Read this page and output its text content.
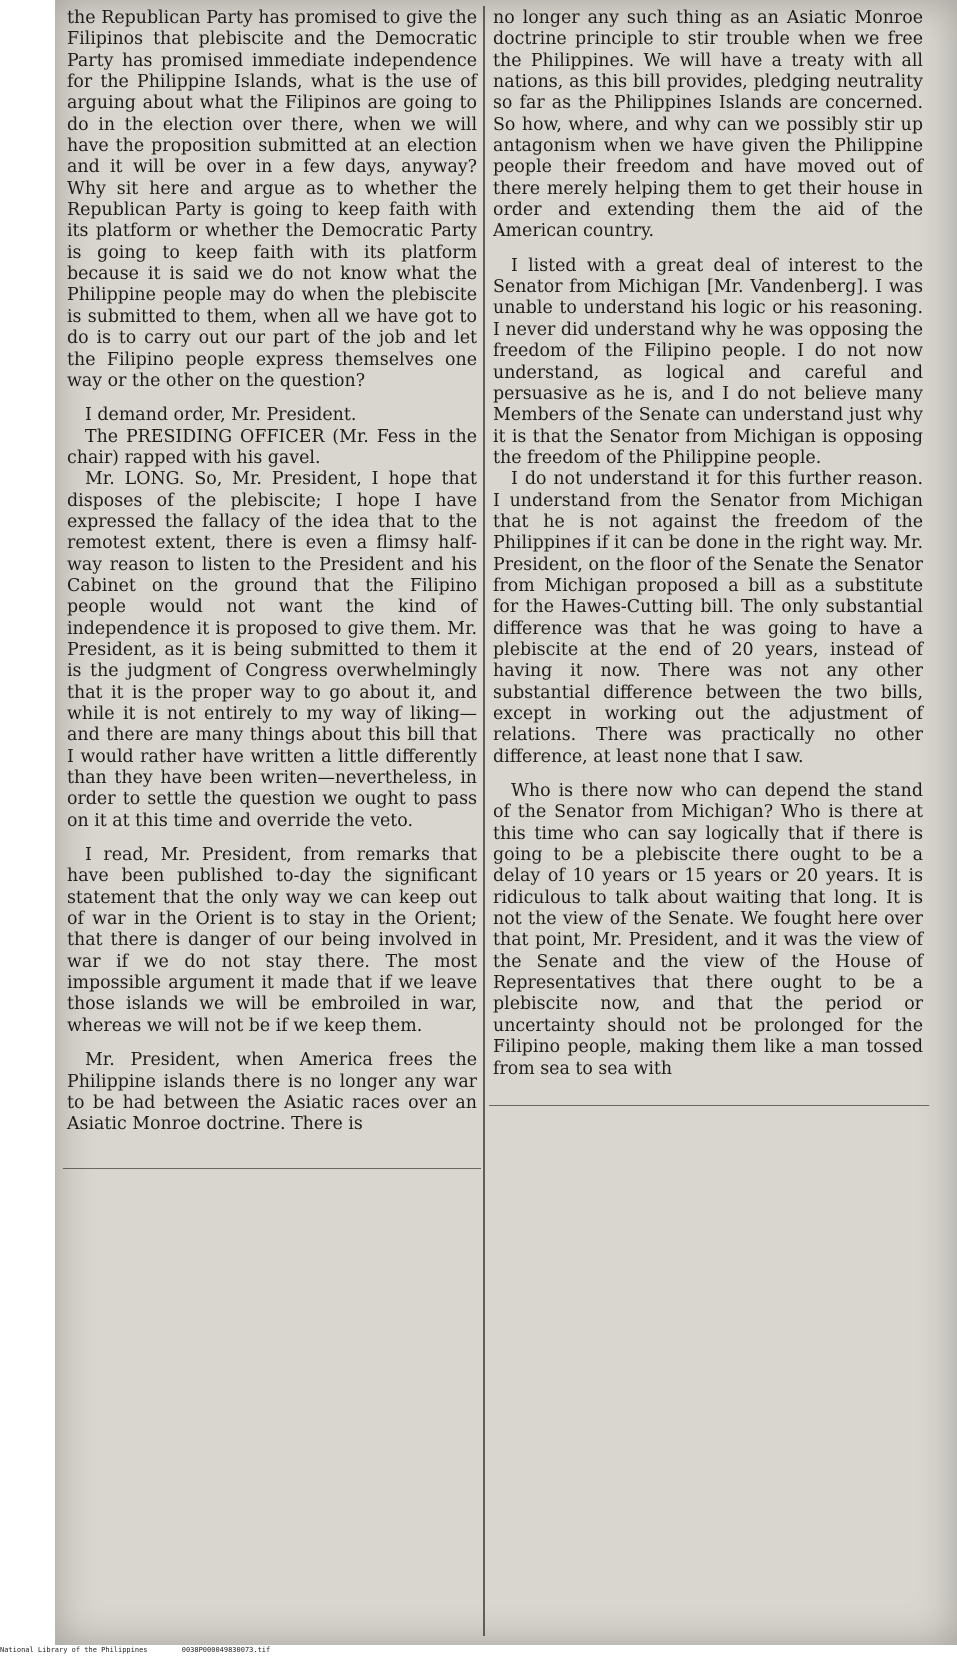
the Republican Party has promised to give the Filipinos that plebiscite and the Democratic Party has promised immediate independence for the Philippine Islands, what is the use of arguing about what the Filipinos are going to do in the election over there, when we will have the proposition submitted at an election and it will be over in a few days, anyway? Why sit here and argue as to whether the Republican Party is going to keep faith with its platform or whether the Democratic Party is going to keep faith with its platform because it is said we do not know what the Philippine people may do when the plebiscite is submitted to them, when all we have got to do is to carry out our part of the job and let the Filipino people express themselves one way or the other on the question?

I demand order, Mr. President.

The PRESIDING OFFICER (Mr. Fess in the chair) rapped with his gavel.

Mr. LONG. So, Mr. President, I hope that disposes of the plebiscite; I hope I have expressed the fallacy of the idea that to the remotest extent, there is even a flimsy half-way reason to listen to the President and his Cabinet on the ground that the Filipino people would not want the kind of independence it is proposed to give them. Mr. President, as it is being submitted to them it is the judgment of Congress overwhelmingly that it is the proper way to go about it, and while it is not entirely to my way of liking—and there are many things about this bill that I would rather have written a little differently than they have been writen—nevertheless, in order to settle the question we ought to pass on it at this time and override the veto.

I read, Mr. President, from remarks that have been published to-day the significant statement that the only way we can keep out of war in the Orient is to stay in the Orient; that there is danger of our being involved in war if we do not stay there. The most impossible argument it made that if we leave those islands we will be embroiled in war, whereas we will not be if we keep them.

Mr. President, when America frees the Philippine islands there is no longer any war to be had between the Asiatic races over an Asiatic Monroe doctrine. There is

no longer any such thing as an Asiatic Monroe doctrine principle to stir trouble when we free the Philippines. We will have a treaty with all nations, as this bill provides, pledging neutrality so far as the Philippines Islands are concerned. So how, where, and why can we possibly stir up antagonism when we have given the Philippine people their freedom and have moved out of there merely helping them to get their house in order and extending them the aid of the American country.

I listed with a great deal of interest to the Senator from Michigan [Mr. Vandenberg]. I was unable to understand his logic or his reasoning. I never did understand why he was opposing the freedom of the Filipino people. I do not now understand, as logical and careful and persuasive as he is, and I do not believe many Members of the Senate can understand just why it is that the Senator from Michigan is opposing the freedom of the Philippine people.

I do not understand it for this further reason. I understand from the Senator from Michigan that he is not against the freedom of the Philippines if it can be done in the right way. Mr. President, on the floor of the Senate the Senator from Michigan proposed a bill as a substitute for the Hawes-Cutting bill. The only substantial difference was that he was going to have a plebiscite at the end of 20 years, instead of having it now. There was not any other substantial difference between the two bills, except in working out the adjustment of relations. There was practically no other difference, at least none that I saw.

Who is there now who can depend the stand of the Senator from Michigan? Who is there at this time who can say logically that if there is going to be a plebiscite there ought to be a delay of 10 years or 15 years or 20 years. It is ridiculous to talk about waiting that long. It is not the view of the Senate. We fought here over that point, Mr. President, and it was the view of the Senate and the view of the House of Representatives that there ought to be a plebiscite now, and that the period or uncertainty should not be prolonged for the Filipino people, making them like a man tossed from sea to sea with

National Library of the Philippines	0038P000049830073.tif
